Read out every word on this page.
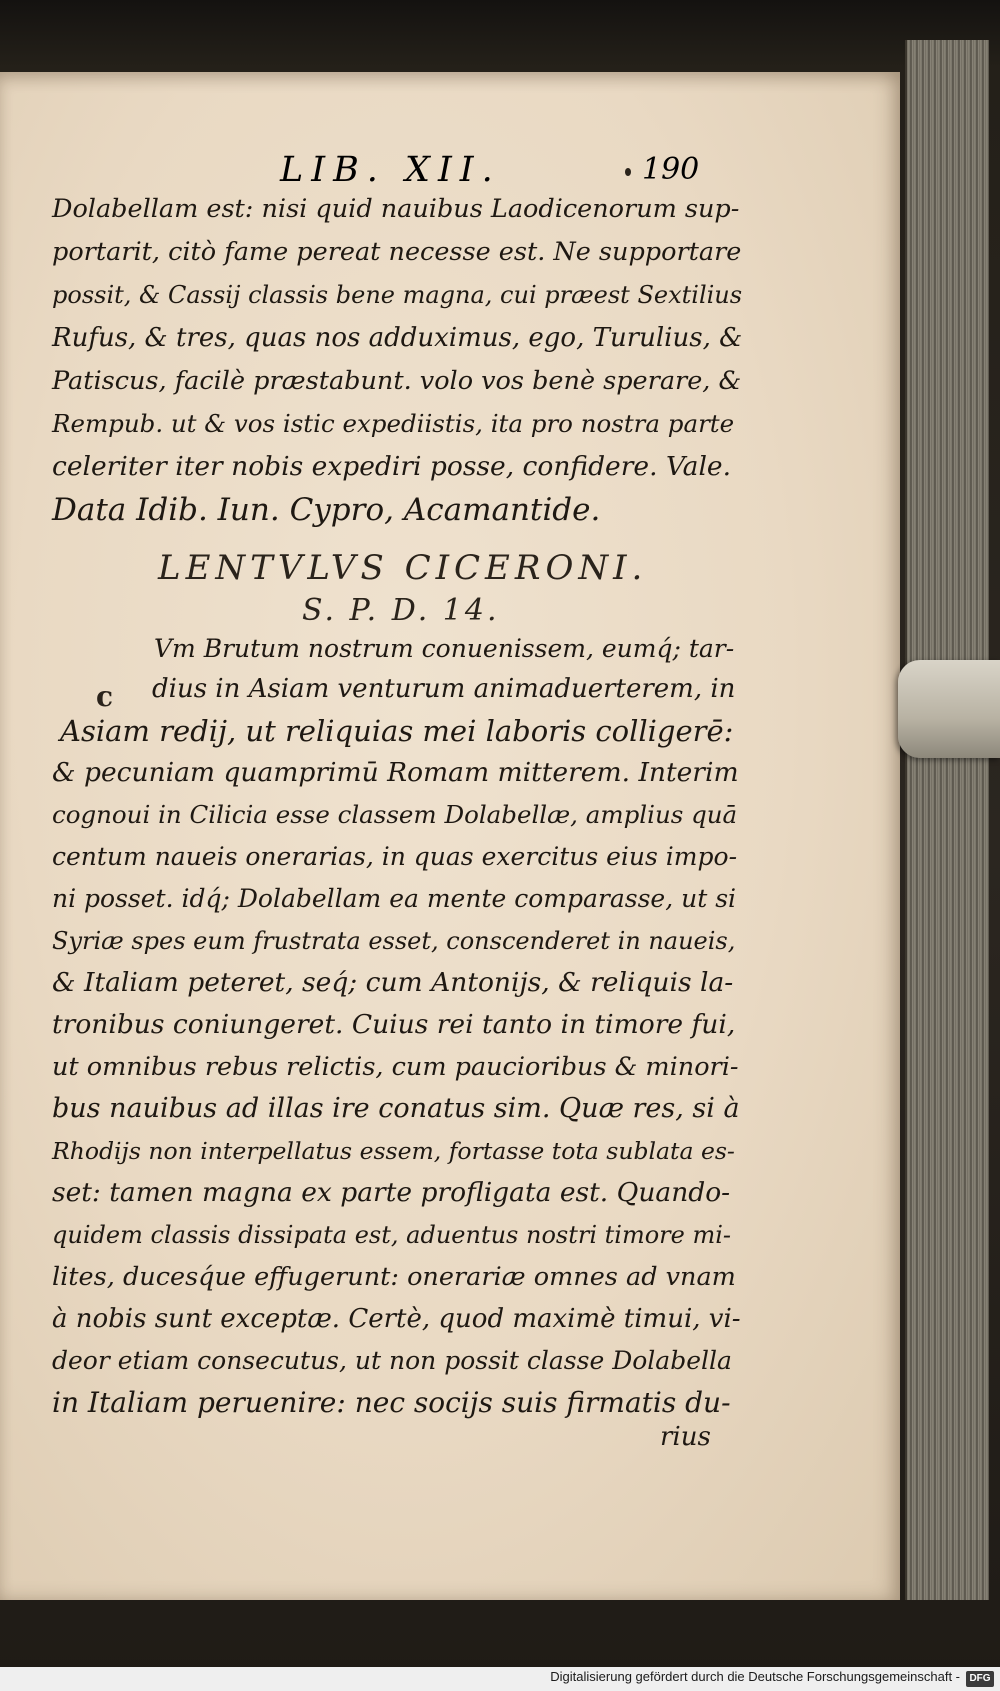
LIB. XII.	190
Dolabellam est: nisi quid nauibus Laodicenorum sup-
portarit, citò fame pereat necesse est. Ne supportare
possit, & Cassij classis bene magna, cui præest Sextilius
Rufus, & tres, quas nos adduximus, ego, Turulius, &
Patiscus, facilè præstabunt. volo vos benè sperare, &
Rempub. ut & vos istic expediistis, ita pro nostra parte
celeriter iter nobis expediri posse, confidere. Vale.
Data Idib. Iun. Cypro, Acamantide.
LENTVLVS CICERONI.
S. P. D. 14.
c
Vm Brutum nostrum conuenissem, eumq́; tar-
dius in Asiam venturum animaduerterem, in
Asiam redij, ut reliquias mei laboris colligerē:
& pecuniam quamprimū Romam mitterem. Interim
cognoui in Cilicia esse classem Dolabellæ, amplius quā
centum naueis onerarias, in quas exercitus eius impo-
ni posset. idq́; Dolabellam ea mente comparasse, ut si
Syriæ spes eum frustrata esset, conscenderet in naueis,
& Italiam peteret, seq́; cum Antonijs, & reliquis la-
tronibus coniungeret. Cuius rei tanto in timore fui,
ut omnibus rebus relictis, cum paucioribus & minori-
bus nauibus ad illas ire conatus sim. Quæ res, si à
Rhodijs non interpellatus essem, fortasse tota sublata es-
set: tamen magna ex parte profligata est. Quando-
quidem classis dissipata est, aduentus nostri timore mi-
lites, ducesq́ue effugerunt: onerariæ omnes ad vnam
à nobis sunt exceptæ. Certè, quod maximè timui, vi-
deor etiam consecutus, ut non possit classe Dolabella
in Italiam peruenire: nec socijs suis firmatis du-
rius
Digitalisierung gefördert durch die Deutsche Forschungsgemeinschaft - DFG
